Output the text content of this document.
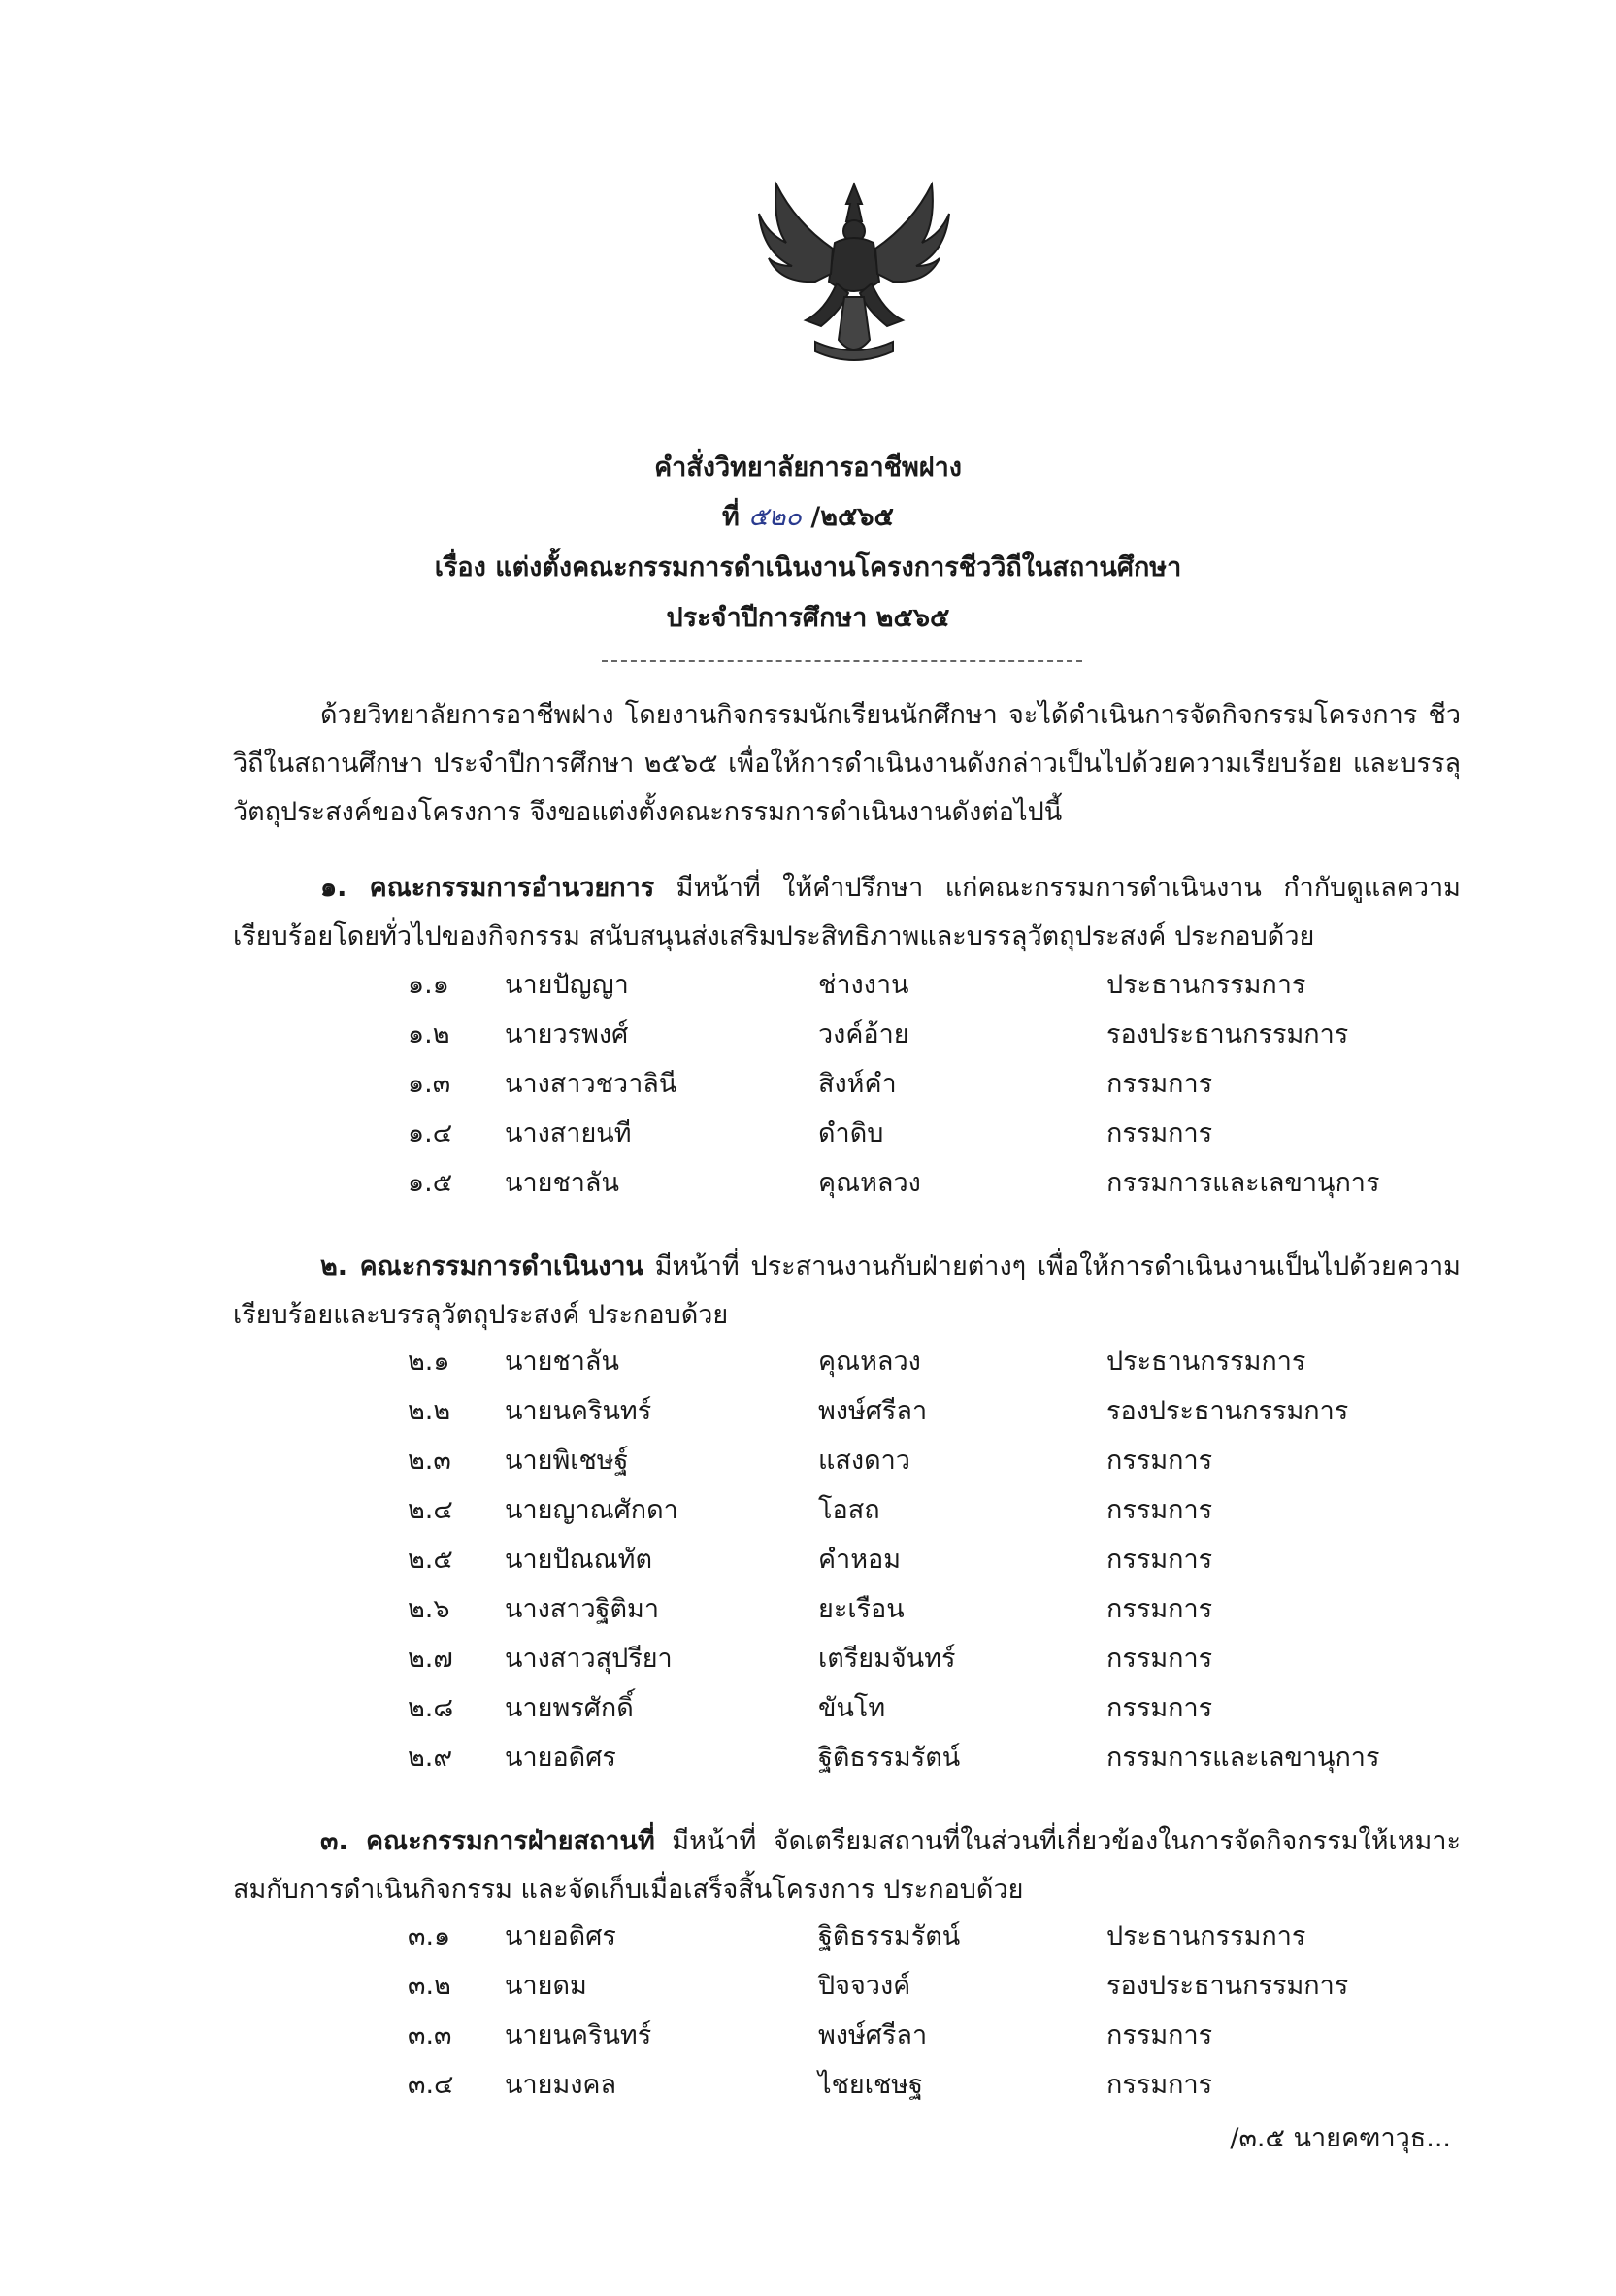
คำสั่งวิทยาลัยการอาชีพฝาง
ที่ ๕๒๐ /๒๕๖๕
เรื่อง แต่งตั้งคณะกรรมการดำเนินงานโครงการชีววิถีในสถานศึกษา
ประจำปีการศึกษา ๒๕๖๕
ด้วยวิทยาลัยการอาชีพฝาง โดยงานกิจกรรมนักเรียนนักศึกษา จะได้ดำเนินการจัดกิจกรรมโครงการ ชีววิถีในสถานศึกษา ประจำปีการศึกษา ๒๕๖๕ เพื่อให้การดำเนินงานดังกล่าวเป็นไปด้วยความเรียบร้อย และบรรลุวัตถุประสงค์ของโครงการ จึงขอแต่งตั้งคณะกรรมการดำเนินงานดังต่อไปนี้
๑. คณะกรรมการอำนวยการ มีหน้าที่ ให้คำปรึกษา แก่คณะกรรมการดำเนินงาน กำกับดูแลความเรียบร้อยโดยทั่วไปของกิจกรรม สนับสนุนส่งเสริมประสิทธิภาพและบรรลุวัตถุประสงค์ ประกอบด้วย
๑.๑ นายปัญญา	ช่างงาน	ประธานกรรมการ
๑.๒ นายวรพงศ์	วงค์อ้าย	รองประธานกรรมการ
๑.๓ นางสาวชวาลินี	สิงห์คำ	กรรมการ
๑.๔ นางสายนที	ดำดิบ	กรรมการ
๑.๕ นายชาลัน	คุณหลวง	กรรมการและเลขานุการ
๒. คณะกรรมการดำเนินงาน มีหน้าที่ ประสานงานกับฝ่ายต่างๆ เพื่อให้การดำเนินงานเป็นไปด้วยความเรียบร้อยและบรรลุวัตถุประสงค์ ประกอบด้วย
๒.๑ นายชาลัน	คุณหลวง	ประธานกรรมการ
๒.๒ นายนครินทร์	พงษ์ศรีลา	รองประธานกรรมการ
๒.๓ นายพิเชษฐ์	แสงดาว	กรรมการ
๒.๔ นายญาณศักดา	โอสถ	กรรมการ
๒.๕ นายปัณณทัต	คำหอม	กรรมการ
๒.๖ นางสาวฐิติมา	ยะเรือน	กรรมการ
๒.๗ นางสาวสุปรียา	เตรียมจันทร์	กรรมการ
๒.๘ นายพรศักดิ์	ขันโท	กรรมการ
๒.๙ นายอดิศร	ฐิติธรรมรัตน์	กรรมการและเลขานุการ
๓. คณะกรรมการฝ่ายสถานที่ มีหน้าที่ จัดเตรียมสถานที่ในส่วนที่เกี่ยวข้องในการจัดกิจกรรมให้เหมาะสมกับการดำเนินกิจกรรม และจัดเก็บเมื่อเสร็จสิ้นโครงการ ประกอบด้วย
๓.๑ นายอดิศร	ฐิติธรรมรัตน์	ประธานกรรมการ
๓.๒ นายดม	ปิจจวงค์	รองประธานกรรมการ
๓.๓ นายนครินทร์	พงษ์ศรีลา	กรรมการ
๓.๔ นายมงคล	ไชยเชษฐ	กรรมการ
/๓.๕ นายคฑาวุธ...
